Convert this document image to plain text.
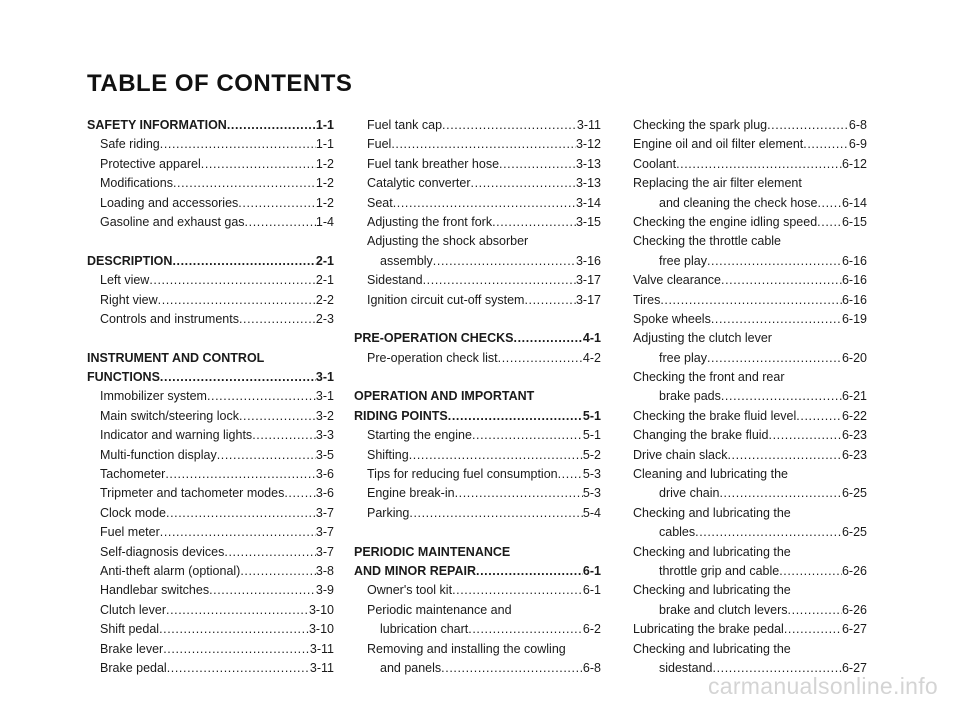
TABLE OF CONTENTS
SAFETY INFORMATION .....	1-1
Safe riding .....	1-1
Protective apparel .....	1-2
Modifications .....	1-2
Loading and accessories .....	1-2
Gasoline and exhaust gas .....	1-4
DESCRIPTION .....	2-1
Left view .....	2-1
Right view .....	2-2
Controls and instruments .....	2-3
INSTRUMENT AND CONTROL
FUNCTIONS .....	3-1
Immobilizer system .....	3-1
Main switch/steering lock .....	3-2
Indicator and warning lights .....	3-3
Multi-function display .....	3-5
Tachometer .....	3-6
Tripmeter and tachometer modes .....	3-6
Clock mode .....	3-7
Fuel meter .....	3-7
Self-diagnosis devices .....	3-7
Anti-theft alarm (optional) .....	3-8
Handlebar switches .....	3-9
Clutch lever .....	3-10
Shift pedal .....	3-10
Brake lever .....	3-11
Brake pedal .....	3-11
Fuel tank cap .....	3-11
Fuel .....	3-12
Fuel tank breather hose .....	3-13
Catalytic converter .....	3-13
Seat .....	3-14
Adjusting the front fork .....	3-15
Adjusting the shock absorber
assembly .....	3-16
Sidestand .....	3-17
Ignition circuit cut-off system .....	3-17
PRE-OPERATION CHECKS .....	4-1
Pre-operation check list .....	4-2
OPERATION AND IMPORTANT
RIDING POINTS .....	5-1
Starting the engine .....	5-1
Shifting .....	5-2
Tips for reducing fuel consumption ..... 5-3
Engine break-in .....	5-3
Parking .....	5-4
PERIODIC MAINTENANCE
AND MINOR REPAIR .....	6-1
Owner's tool kit .....	6-1
Periodic maintenance and
lubrication chart .....	6-2
Removing and installing the cowling
and panels .....	6-8
Checking the spark plug .....	6-8
Engine oil and oil filter element .....	6-9
Coolant .....	6-12
Replacing the air filter element
and cleaning the check hose ..... 6-14
Checking the engine idling speed ..... 6-15
Checking the throttle cable
free play .....	6-16
Valve clearance .....	6-16
Tires .....	6-16
Spoke wheels .....	6-19
Adjusting the clutch lever
free play .....	6-20
Checking the front and rear
brake pads .....	6-21
Checking the brake fluid level .....	6-22
Changing the brake fluid .....	6-23
Drive chain slack .....	6-23
Cleaning and lubricating the
drive chain .....	6-25
Checking and lubricating the
cables .....	6-25
Checking and lubricating the
throttle grip and cable .....	6-26
Checking and lubricating the
brake and clutch levers .....	6-26
Lubricating the brake pedal .....	6-27
Checking and lubricating the
sidestand .....	6-27
carmanualsonline.info
